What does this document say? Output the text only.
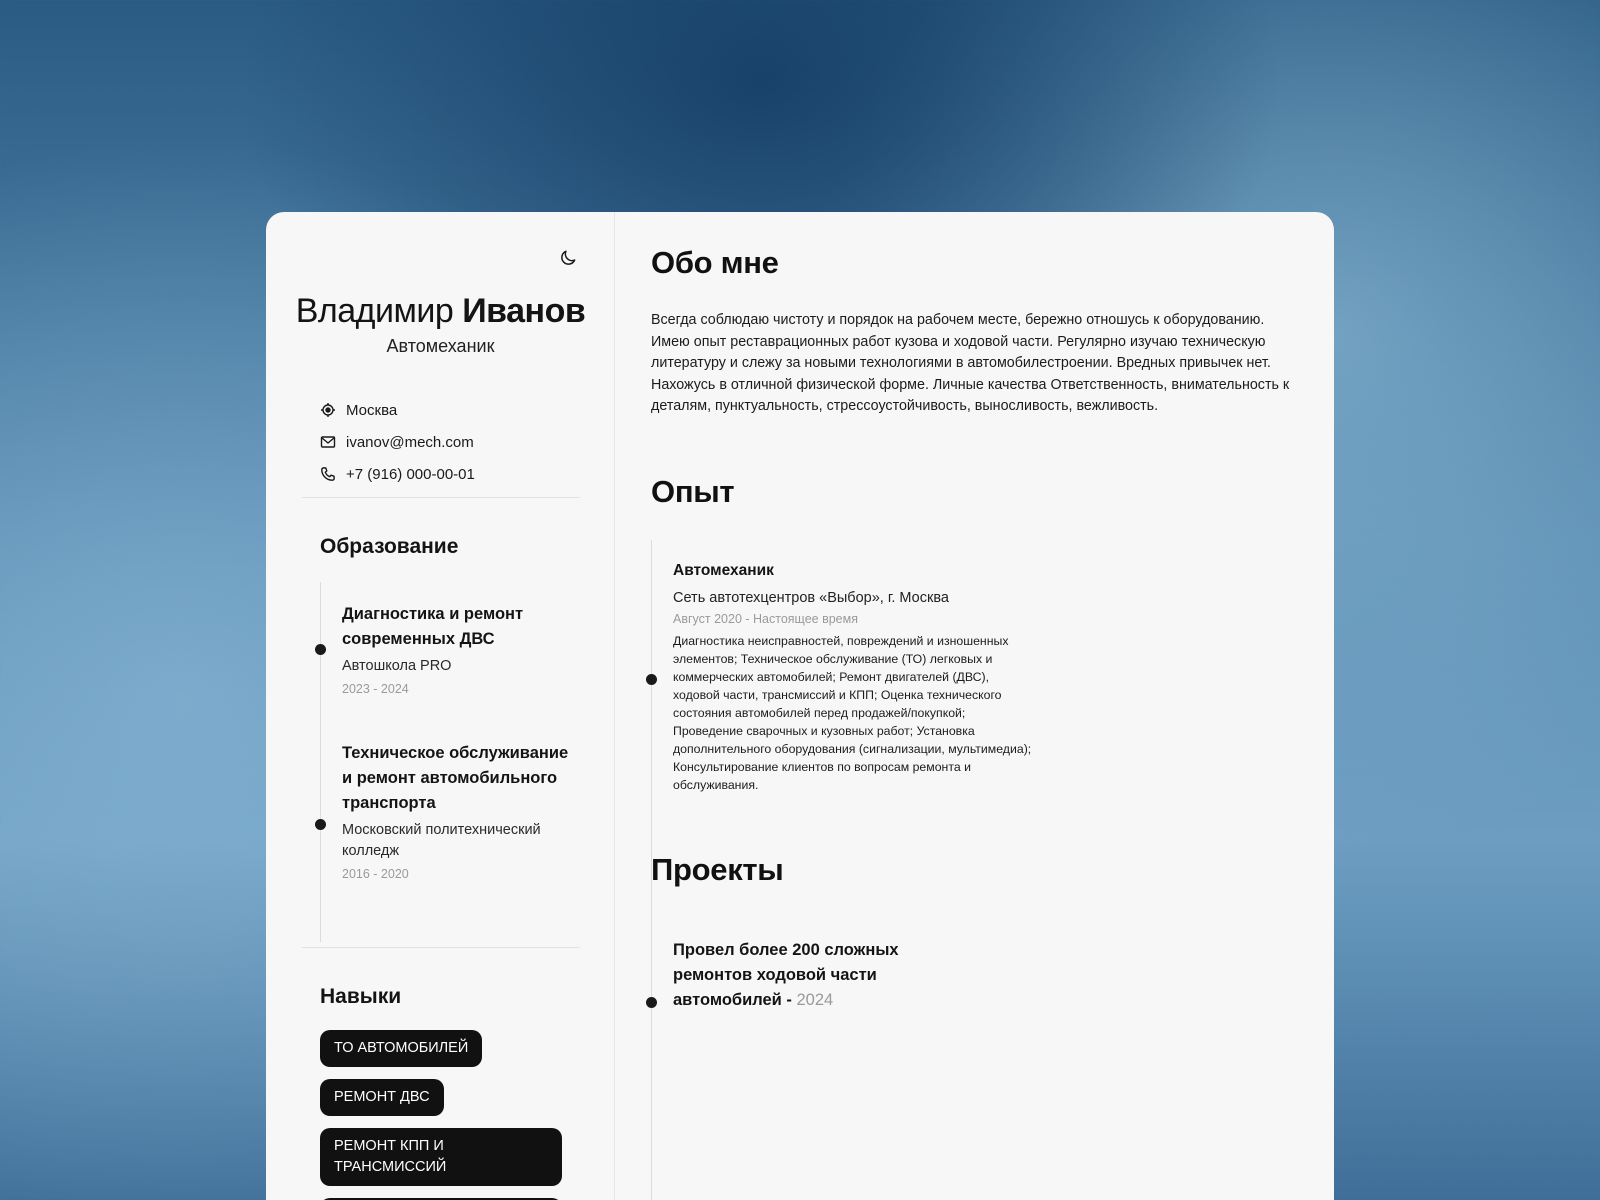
Владимир Иванов
Автомеханик
Москва
ivanov@mech.com
+7 (916) 000-00-01
Образование
Диагностика и ремонт современных ДВС
Автошкола PRO
2023 - 2024
Техническое обслуживание и ремонт автомобильного транспорта
Московский политехнический колледж
2016 - 2020
Навыки
ТО АВТОМОБИЛЕЙ
РЕМОНТ ДВС
РЕМОНТ КПП И ТРАНСМИССИЙ
Обо мне

Всегда соблюдаю чистоту и порядок на рабочем месте, бережно отношусь к оборудованию. Имею опыт реставрационных работ кузова и ходовой части. Регулярно изучаю техническую литературу и слежу за новыми технологиями в автомобилестроении. Вредных привычек нет. Нахожусь в отличной физической форме. Личные качества Ответственность, внимательность к деталям, пунктуальность, стрессоустойчивость, выносливость, вежливость.

Опыт
Автомеханик
Сеть автотехцентров «Выбор», г. Москва
Август 2020 - Настоящее время
Диагностика неисправностей, повреждений и изношенных элементов; Техническое обслуживание (ТО) легковых и коммерческих автомобилей; Ремонт двигателей (ДВС), ходовой части, трансмиссий и КПП; Оценка технического состояния автомобилей перед продажей/покупкой; Проведение сварочных и кузовных работ; Установка дополнительного оборудования (сигнализации, мультимедиа); Консультирование клиентов по вопросам ремонта и обслуживания.
Проекты
Провел более 200 сложных ремонтов ходовой части автомобилей - 2024
